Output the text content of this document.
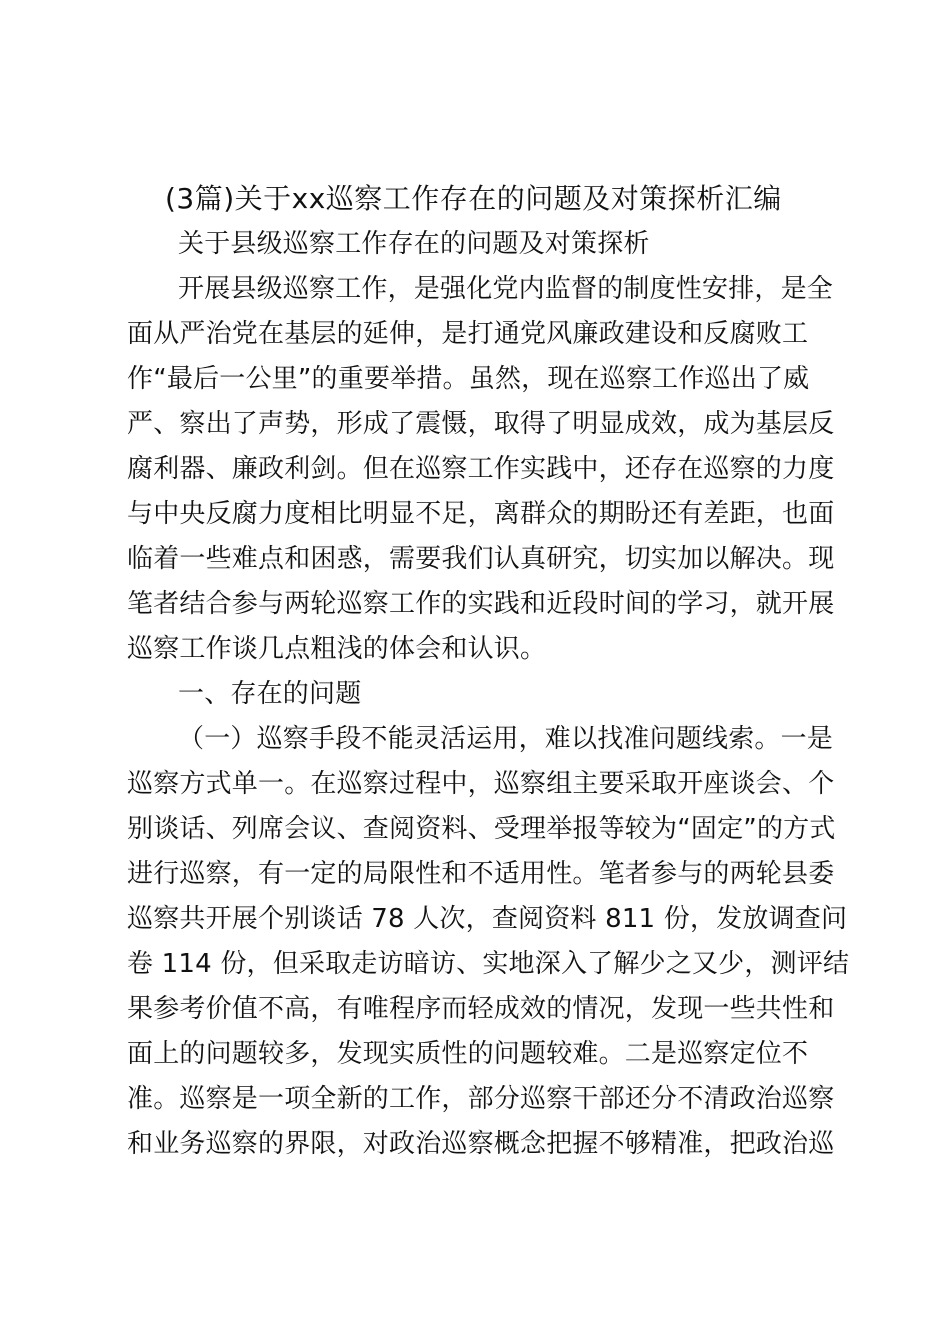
(3篇)关于xx巡察工作存在的问题及对策探析汇编
关于县级巡察工作存在的问题及对策探析
开展县级巡察工作，是强化党内监督的制度性安排，是全
面从严治党在基层的延伸，是打通党风廉政建设和反腐败工
作“最后一公里”的重要举措。虽然，现在巡察工作巡出了威
严、察出了声势，形成了震慑，取得了明显成效，成为基层反
腐利器、廉政利剑。但在巡察工作实践中，还存在巡察的力度
与中央反腐力度相比明显不足，离群众的期盼还有差距，也面
临着一些难点和困惑，需要我们认真研究，切实加以解决。现
笔者结合参与两轮巡察工作的实践和近段时间的学习，就开展
巡察工作谈几点粗浅的体会和认识。
一、存在的问题
（一）巡察手段不能灵活运用，难以找准问题线索。一是
巡察方式单一。在巡察过程中，巡察组主要采取开座谈会、个
别谈话、列席会议、查阅资料、受理举报等较为“固定”的方式
进行巡察，有一定的局限性和不适用性。笔者参与的两轮县委
巡察共开展个别谈话 78 人次，查阅资料 811 份，发放调查问
卷 114 份，但采取走访暗访、实地深入了解少之又少，测评结
果参考价值不高，有唯程序而轻成效的情况，发现一些共性和
面上的问题较多，发现实质性的问题较难。二是巡察定位不
准。巡察是一项全新的工作，部分巡察干部还分不清政治巡察
和业务巡察的界限，对政治巡察概念把握不够精准，把政治巡
